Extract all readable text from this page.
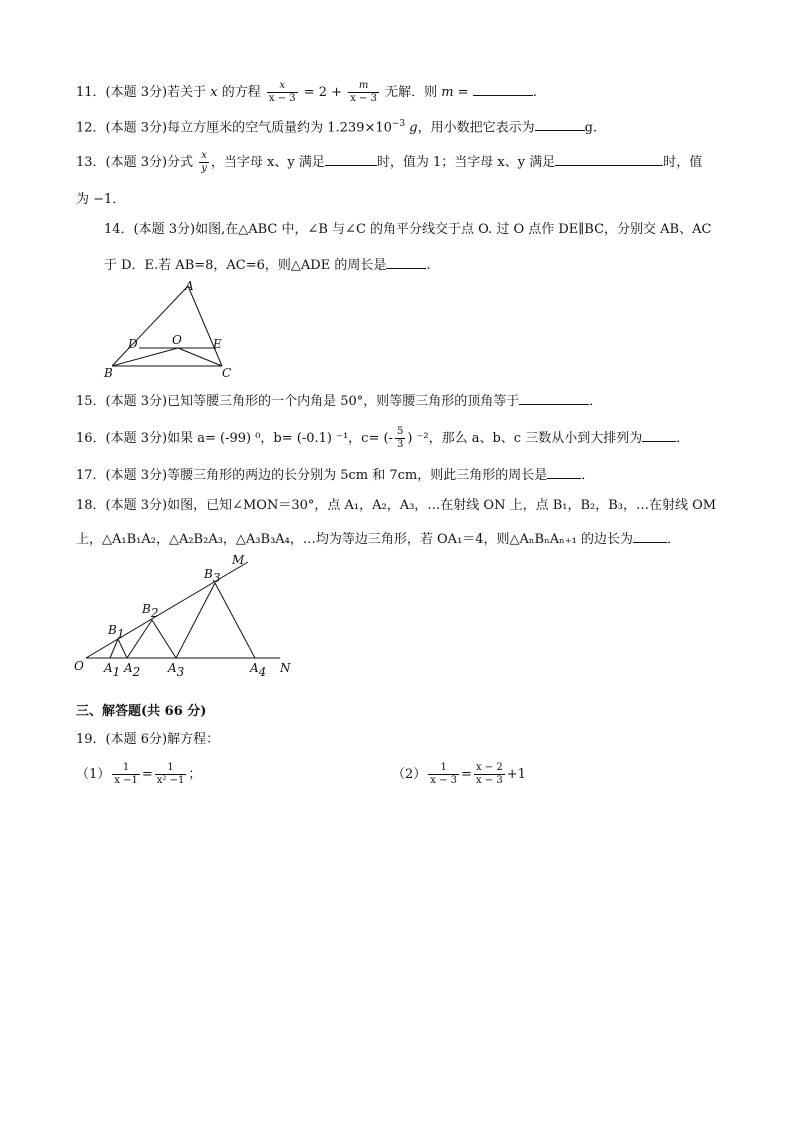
11．(本题 3分)若关于 x 的方程 $\frac{x}{x - 3} = 2 + \frac{m}{x - 3}$ 无解．则 m =	.
12．(本题 3分)每立方厘米的空气质量约为 $1.239\times 10^{-3}$ g，用小数把它表示为	g.
13．(本题 3分)分式 $\frac{x}{y}$ ，当字母 x、y 满足	时，值为 1；当字母 x、y 满足	时，值
为 −1．
14．(本题 3分)如图,在△ABC 中，∠B 与∠C 的角平分线交于点 O. 过 O 点作 DE∥BC，分别交 AB、AC
于 D．E.若 AB=8，AC=6，则△ADE 的周长是	.
A
D	O	E
B	C
15．(本题 3分)已知等腰三角形的一个内角是 50°，则等腰三角形的顶角等于	．
16．(本题 3分)如果 a= (-99) ⁰，b= (-0.1) ⁻¹，c= (- $\frac{5}{3}$ ) ⁻²，那么 a、b、c 三数从小到大排列为	．
17．(本题 3分)等腰三角形的两边的长分别为 5cm 和 7cm，则此三角形的周长是	．
18．(本题 3分)如图，已知∠MON＝30°，点 A₁，A₂，A₃，…在射线 ON 上，点 B₁，B₂，B₃，…在射线 OM
上，△A₁B₁A₂，△A₂B₂A₃，△A₃B₃A₄，…均为等边三角形，若 OA₁＝4，则△AₙBₙAₙ₊₁ 的边长为	．
M
N
O
B3
B2
B1
A1 A2 A3	A4
三、解答题(共 66 分)
19．(本题 6分)解方程：
$(1) \frac{1}{x -1} = \frac{1}{\text{x² −1}}$ ；	$(2) \frac{1}{x - 3} = \frac{x - 2}{x - 3} +1$
